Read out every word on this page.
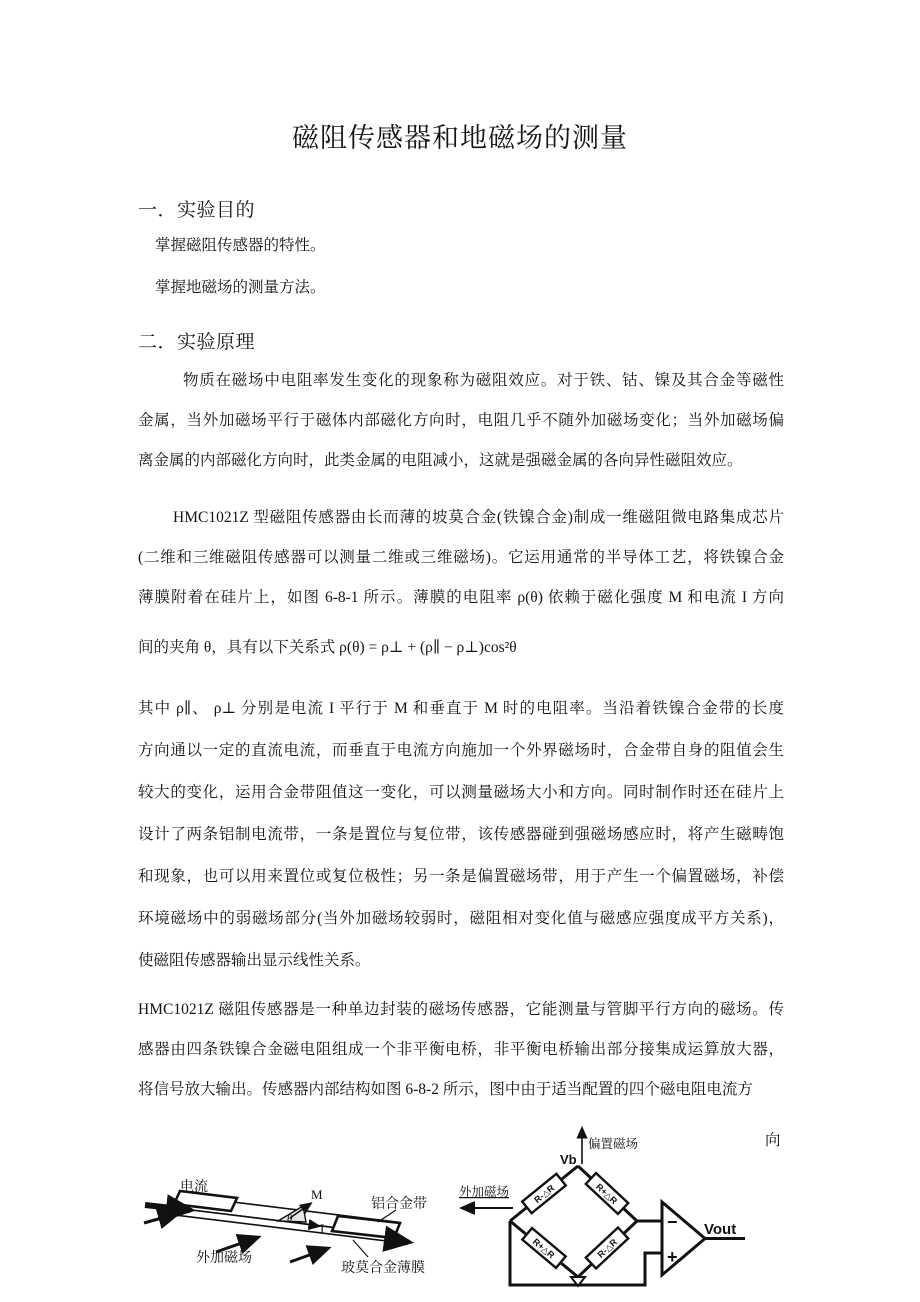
磁阻传感器和地磁场的测量
一．实验目的
掌握磁阻传感器的特性。
掌握地磁场的测量方法。
二．实验原理
物质在磁场中电阻率发生变化的现象称为磁阻效应。对于铁、钴、镍及其合金等磁性
金属，当外加磁场平行于磁体内部磁化方向时，电阻几乎不随外加磁场变化；当外加磁场偏
离金属的内部磁化方向时，此类金属的电阻减小，这就是强磁金属的各向异性磁阻效应。
HMC1021Z 型磁阻传感器由长而薄的坡莫合金(铁镍合金)制成一维磁阻微电路集成芯片
(二维和三维磁阻传感器可以测量二维或三维磁场)。它运用通常的半导体工艺，将铁镍合金
薄膜附着在硅片上，如图 6-8-1 所示。薄膜的电阻率 ρ(θ) 依赖于磁化强度 M 和电流 I 方向
间的夹角 θ，具有以下关系式 ρ(θ) = ρ⊥ + (ρ∥ − ρ⊥)cos²θ
其中 ρ∥、 ρ⊥ 分别是电流 I 平行于 M 和垂直于 M 时的电阻率。当沿着铁镍合金带的长度
方向通以一定的直流电流，而垂直于电流方向施加一个外界磁场时，合金带自身的阻值会生
较大的变化，运用合金带阻值这一变化，可以测量磁场大小和方向。同时制作时还在硅片上
设计了两条铝制电流带，一条是置位与复位带，该传感器碰到强磁场感应时，将产生磁畴饱
和现象，也可以用来置位或复位极性；另一条是偏置磁场带，用于产生一个偏置磁场，补偿
环境磁场中的弱磁场部分(当外加磁场较弱时，磁阻相对变化值与磁感应强度成平方关系)，
使磁阻传感器输出显示线性关系。
HMC1021Z 磁阻传感器是一种单边封装的磁场传感器，它能测量与管脚平行方向的磁场。传
感器由四条铁镍合金磁电阻组成一个非平衡电桥，非平衡电桥输出部分接集成运算放大器，
将信号放大输出。传感器内部结构如图 6-8-2 所示，图中由于适当配置的四个磁电阻电流方
向
M
θ
I
电流
铝合金带
外加磁场
玻莫合金薄膜
Vb
偏置磁场
外加磁场	R-△R	R+△R
R+△R	R-△R
−
+
Vout
